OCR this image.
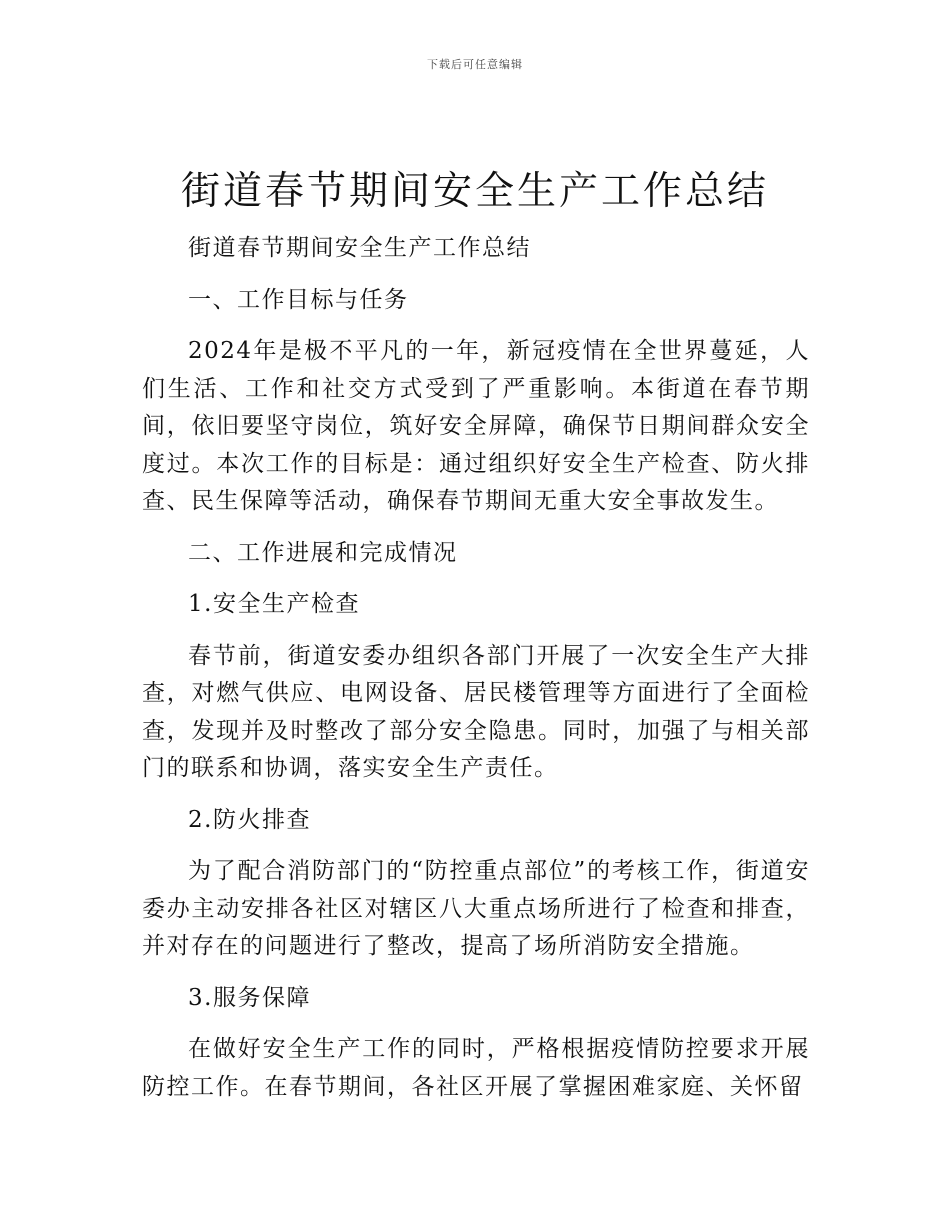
下载后可任意编辑
街道春节期间安全生产工作总结

街道春节期间安全生产工作总结

一、工作目标与任务

2024年是极不平凡的一年，新冠疫情在全世界蔓延，人们生活、工作和社交方式受到了严重影响。本街道在春节期间，依旧要坚守岗位，筑好安全屏障，确保节日期间群众安全度过。本次工作的目标是：通过组织好安全生产检查、防火排查、民生保障等活动，确保春节期间无重大安全事故发生。

二、工作进展和完成情况

1.安全生产检查

春节前，街道安委办组织各部门开展了一次安全生产大排查，对燃气供应、电网设备、居民楼管理等方面进行了全面检查，发现并及时整改了部分安全隐患。同时，加强了与相关部门的联系和协调，落实安全生产责任。

2.防火排查

为了配合消防部门的“防控重点部位”的考核工作，街道安委办主动安排各社区对辖区八大重点场所进行了检查和排查，并对存在的问题进行了整改，提高了场所消防安全措施。

3.服务保障

在做好安全生产工作的同时，严格根据疫情防控要求开展防控工作。在春节期间，各社区开展了掌握困难家庭、关怀留
